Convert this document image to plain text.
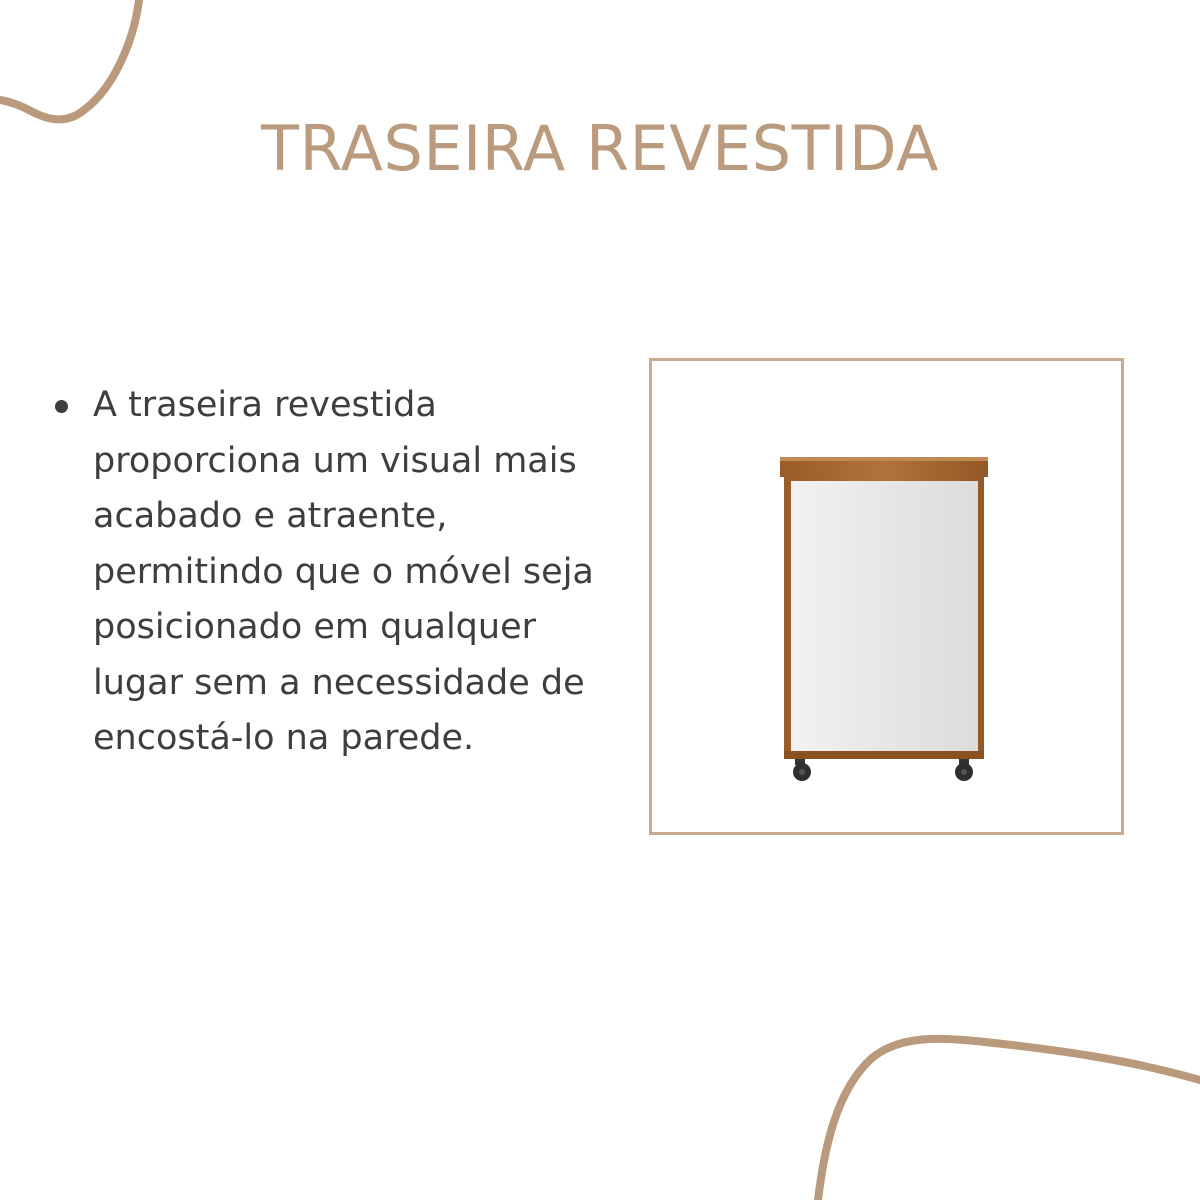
TRASEIRA REVESTIDA

A traseira revestida proporciona um visual mais acabado e atraente, permitindo que o móvel seja posicionado em qualquer lugar sem a necessidade de encostá-lo na parede.
